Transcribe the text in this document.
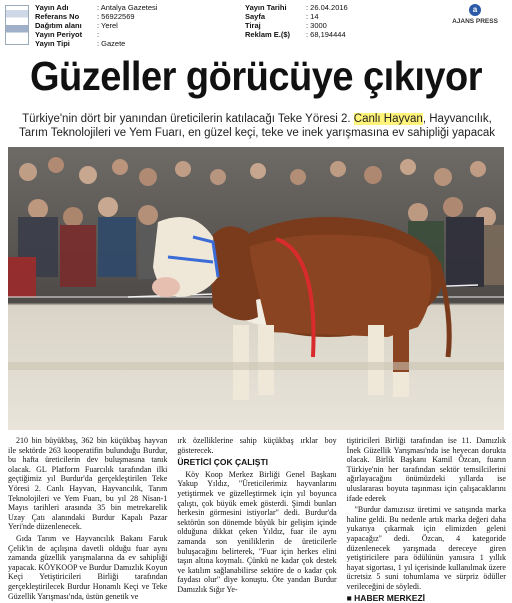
Yayın Adı	: Antalya Gazetesi
Referans No	: 56922569
Dağıtım alanı	: Yerel
Yayın Periyot	:
Yayın Tipi	: Gazete
Yayın Tarihi	: 26.04.2016
Sayfa	: 14
Tiraj	: 3000
Reklam E.($)	: 68,194444
a
AJANS PRESS
Güzeller görücüye çıkıyor
Türkiye'nin dört bir yanından üreticilerin katılacağı Teke Yöresi 2. Canlı Hayvan, Hayvancılık, Tarım Teknolojileri ve Yem Fuarı, en güzel keçi, teke ve inek yarışmasına ev sahipliği yapacak

210 bin büyükbaş, 362 bin küçükbaş hayvan ile sektörde 263 kooperatifin bulunduğu Burdur, bu hafta üreticilerin dev buluşmasına tanık olacak. GL Platform Fuarcılık tarafından ilki geçtiğimiz yıl Burdur'da gerçekleştirilen Teke Yöresi 2. Canlı Hayvan, Hayvancılık, Tarım Teknolojileri ve Yem Fuarı, bu yıl 28 Nisan-1 Mayıs tarihleri arasında 35 bin metrekarelik Uzay Çatı alanındaki Burdur Kapalı Pazar Yeri'nde düzenlenecek.

Gıda Tarım ve Hayvancılık Bakanı Faruk Çelik'in de açılışına davetli olduğu fuar aynı zamanda güzellik yarışmalarına da ev sahipliği yapacak. KÖYKOOP ve Burdur Damızlık Koyun Keçi Yetiştiricileri Birliği tarafından gerçekleştirilecek Burdur Honamlı Keçi ve Teke Güzellik Yarışması'nda, üstün genetik ve

ırk özelliklerine sahip küçükbaş ırklar boy gösterecek.

ÜRETİCİ ÇOK ÇALIŞTI

Köy Koop Merkez Birliği Genel Başkanı Yakup Yıldız, "Üreticilerimiz hayvanlarını yetiştirmek ve güzelleştirmek için yıl boyunca çalıştı, çok büyük emek gösterdi. Şimdi bunları herkesin görmesini istiyorlar" dedi. Burdur'da sektörün son dönemde büyük bir gelişim içinde olduğuna dikkat çeken Yıldız, fuar ile aynı zamanda son yeniliklerin de üreticilerle buluşacağını belirterek, "Fuar için herkes elini taşın altına koymalı. Çünkü ne kadar çok destek ve katılım sağlanabilirse sektöre de o kadar çok faydası olur" diye konuştu. Öte yandan Burdur Damızlık Sığır Ye-

tiştiricileri Birliği tarafından ise 11. Damızlık İnek Güzellik Yarışması'nda ise heyecan doruktа olacak. Birlik Başkanı Kamil Özcan, fuarın Türkiye'nin her tarafından sektör temsilcilerini ağırlayacağını önümüzdeki yıllarda ise uluslararası boyuta taşınması için çalışacaklarını ifade ederek

"Burdur damızısız üretimi ve satışında marka haline geldi. Bu nedenle artık marka değeri daha yukarıya çıkarmak için elimizden geleni yapacağız" dedi. Özcan, 4 kategoride düzenlenecek yarışmada dereceye giren yetiştiricilere para ödülünün yanısıra 1 yıllık hayat sigortası, 1 yıl içerisinde kullanılmak üzere ücretsiz 5 suni tohumlama ve sürpriz ödüller verileceğini de söyledi.

■ HABER MERKEZİ
